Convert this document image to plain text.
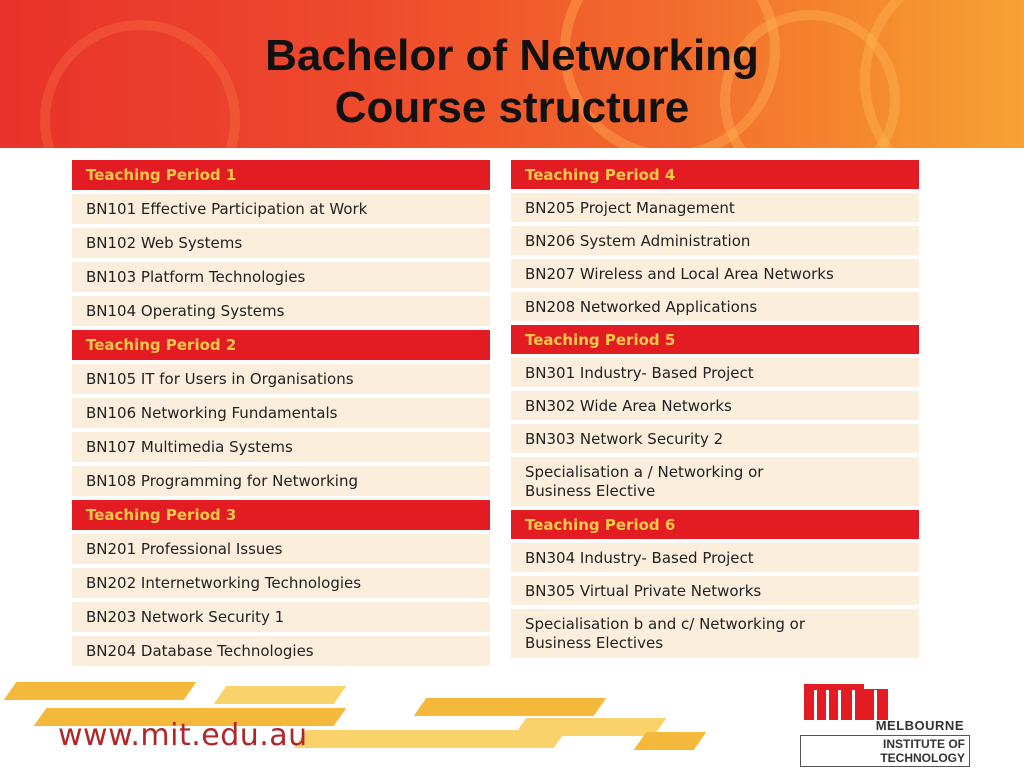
Bachelor of Networking
Course structure
Teaching Period 1
BN101 Effective Participation at Work
BN102 Web Systems
BN103 Platform Technologies
BN104 Operating Systems
Teaching Period 2
BN105 IT for Users in Organisations
BN106 Networking Fundamentals
BN107 Multimedia Systems
BN108 Programming for Networking
Teaching Period 3
BN201 Professional Issues
BN202 Internetworking Technologies
BN203 Network Security 1
BN204 Database Technologies
Teaching Period 4
BN205 Project Management
BN206 System Administration
BN207 Wireless and Local Area Networks
BN208 Networked Applications
Teaching Period 5
BN301 Industry- Based Project
BN302 Wide Area Networks
BN303 Network Security 2
Specialisation a / Networking or
Business Elective
Teaching Period 6
BN304 Industry- Based Project
BN305 Virtual Private Networks
Specialisation b and c/ Networking or
Business Electives
www.mit.edu.au	MELBOURNE
INSTITUTE OF TECHNOLOGY
